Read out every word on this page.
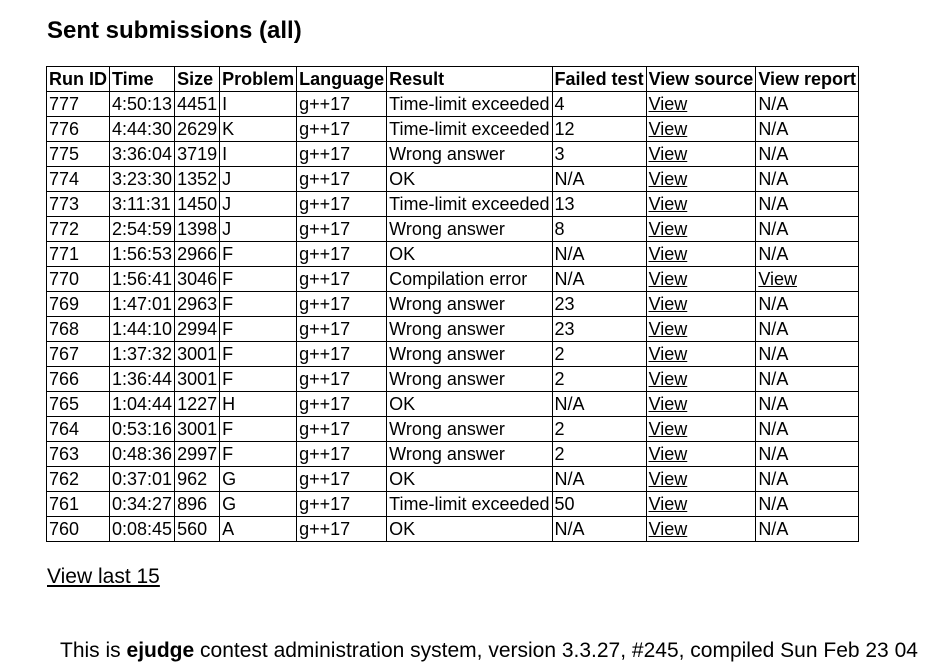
Sent submissions (all)
Run ID	Time	Size	Problem	Language	Result	Failed test	View source	View report
777	4:50:13	4451	I	g++17	Time-limit exceeded	4	View	N/A
776	4:44:30	2629	K	g++17	Time-limit exceeded	12	View	N/A
775	3:36:04	3719	I	g++17	Wrong answer	3	View	N/A
774	3:23:30	1352	J	g++17	OK	N/A	View	N/A
773	3:11:31	1450	J	g++17	Time-limit exceeded	13	View	N/A
772	2:54:59	1398	J	g++17	Wrong answer	8	View	N/A
771	1:56:53	2966	F	g++17	OK	N/A	View	N/A
770	1:56:41	3046	F	g++17	Compilation error	N/A	View	View
769	1:47:01	2963	F	g++17	Wrong answer	23	View	N/A
768	1:44:10	2994	F	g++17	Wrong answer	23	View	N/A
767	1:37:32	3001	F	g++17	Wrong answer	2	View	N/A
766	1:36:44	3001	F	g++17	Wrong answer	2	View	N/A
765	1:04:44	1227	H	g++17	OK	N/A	View	N/A
764	0:53:16	3001	F	g++17	Wrong answer	2	View	N/A
763	0:48:36	2997	F	g++17	Wrong answer	2	View	N/A
762	0:37:01	962	G	g++17	OK	N/A	View	N/A
761	0:34:27	896	G	g++17	Time-limit exceeded	50	View	N/A
760	0:08:45	560	A	g++17	OK	N/A	View	N/A
View last 15
This is ejudge contest administration system, version 3.3.27, #245, compiled Sun Feb 23 04
